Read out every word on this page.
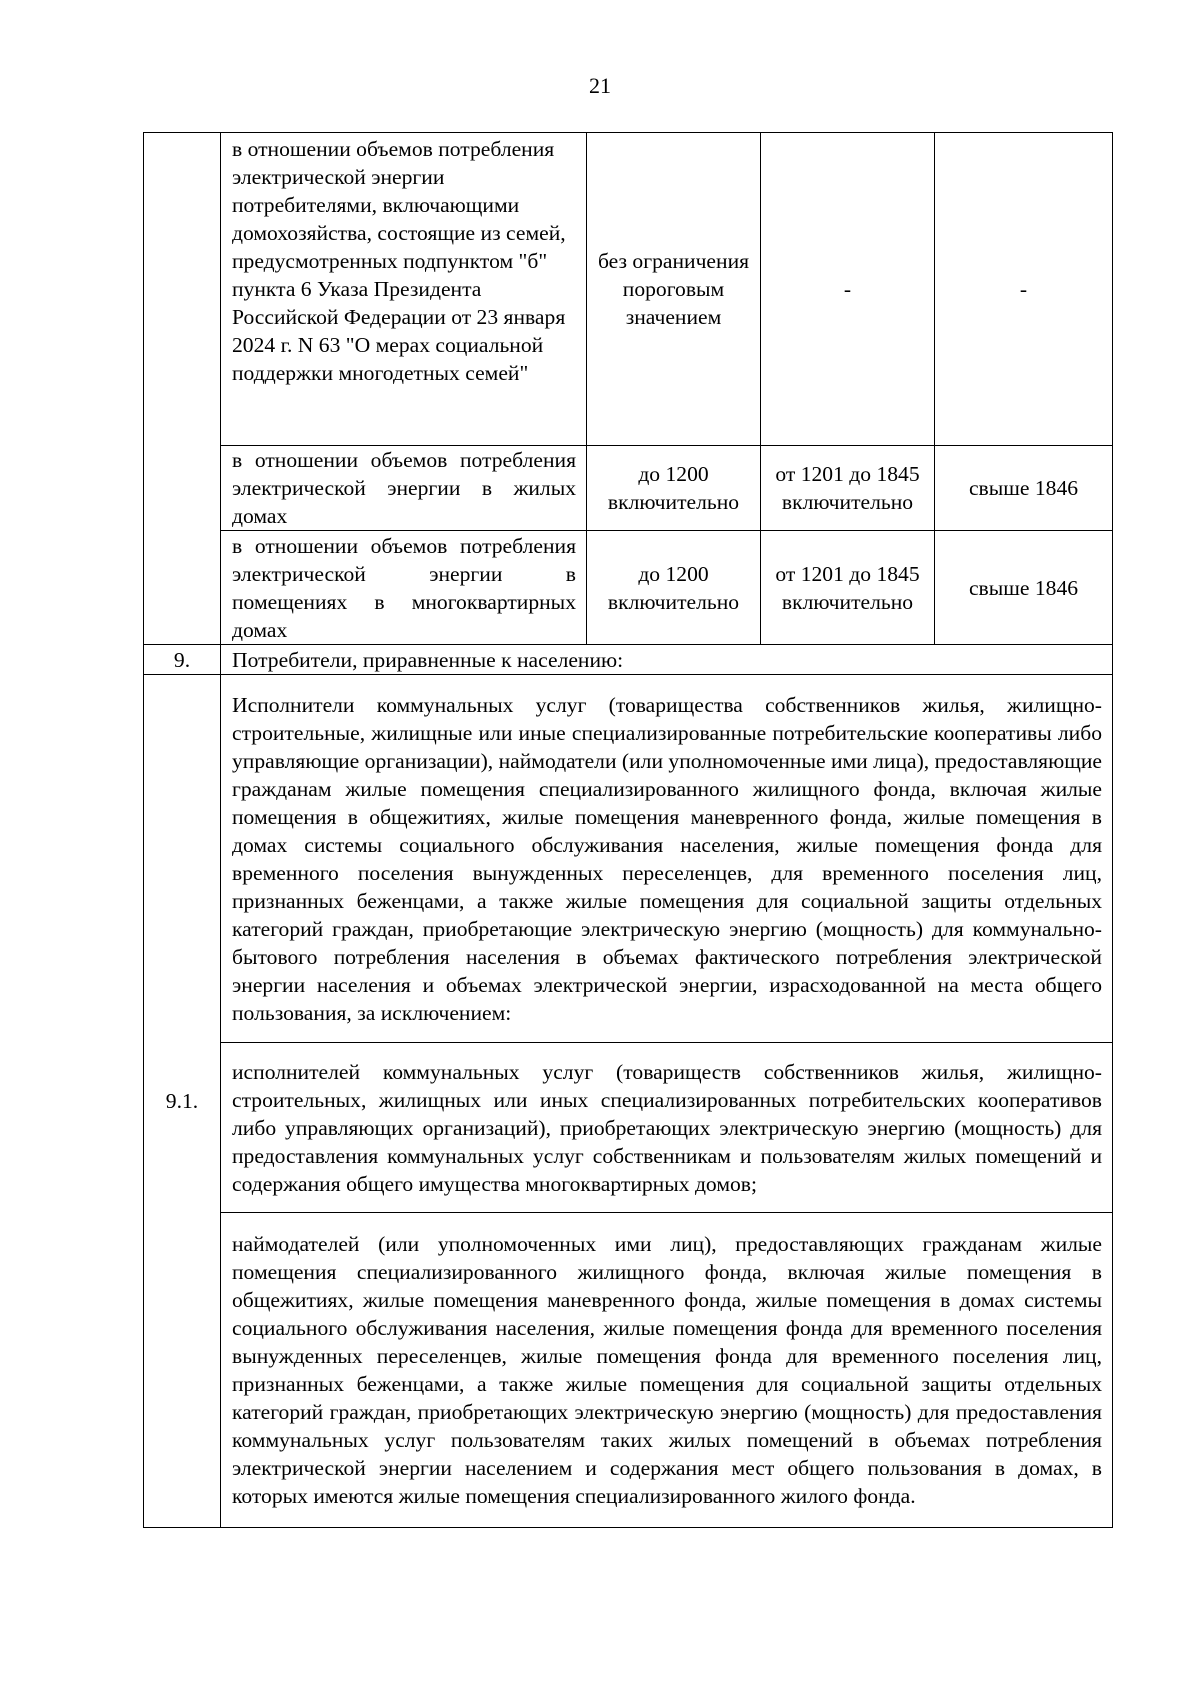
21
	в отношении объемов потребления электрической энергии потребителями, включающими домохозяйства, состоящие из семей, предусмотренных подпунктом "б" пункта 6 Указа Президента Российской Федерации от 23 января 2024 г. N 63 "О мерах социальной поддержки многодетных семей"	без ограничения пороговым значением	-	-
	в отношении объемов потребления электрической энергии в жилых домах	до 1200 включительно	от 1201 до 1845 включительно	свыше 1846
	в отношении объемов потребления электрической энергии в помещениях в многоквартирных домах	до 1200 включительно	от 1201 до 1845 включительно	свыше 1846
9.	Потребители, приравненные к населению:			
9.1.	Исполнители коммунальных услуг (товарищества собственников жилья, жилищно-строительные, жилищные или иные специализированные потребительские кооперативы либо управляющие организации), наймодатели (или уполномоченные ими лица), предоставляющие гражданам жилые помещения специализированного жилищного фонда, включая жилые помещения в общежитиях, жилые помещения маневренного фонда, жилые помещения в домах системы социального обслуживания населения, жилые помещения фонда для временного поселения вынужденных переселенцев, для временного поселения лиц, признанных беженцами, а также жилые помещения для социальной защиты отдельных категорий граждан, приобретающие электрическую энергию (мощность) для коммунально-бытового потребления населения в объемах фактического потребления электрической энергии населения и объемах электрической энергии, израсходованной на места общего пользования, за исключением:			
	исполнителей коммунальных услуг (товариществ собственников жилья, жилищно-строительных, жилищных или иных специализированных потребительских кооперативов либо управляющих организаций), приобретающих электрическую энергию (мощность) для предоставления коммунальных услуг собственникам и пользователям жилых помещений и содержания общего имущества многоквартирных домов;			
	наймодателей (или уполномоченных ими лиц), предоставляющих гражданам жилые помещения специализированного жилищного фонда, включая жилые помещения в общежитиях, жилые помещения маневренного фонда, жилые помещения в домах системы социального обслуживания населения, жилые помещения фонда для временного поселения вынужденных переселенцев, жилые помещения фонда для временного поселения лиц, признанных беженцами, а также жилые помещения для социальной защиты отдельных категорий граждан, приобретающих электрическую энергию (мощность) для предоставления коммунальных услуг пользователям таких жилых помещений в объемах потребления электрической энергии населением и содержания мест общего пользования в домах, в которых имеются жилые помещения специализированного жилого фонда.			
